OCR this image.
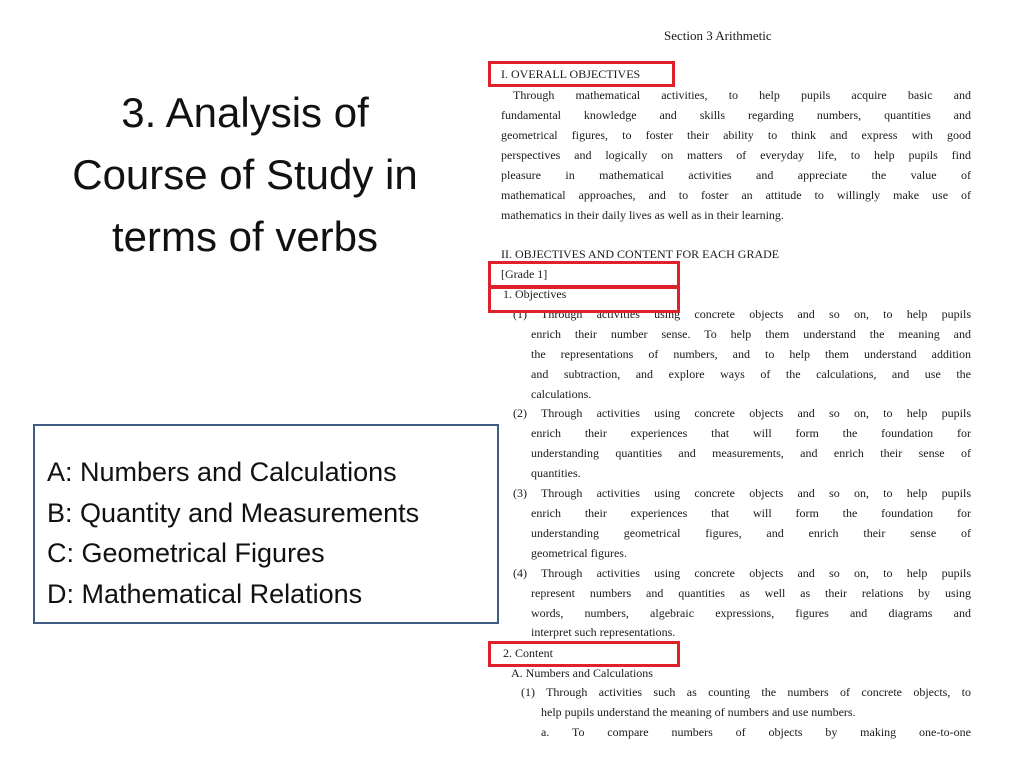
3. Analysis of
Course of Study in
terms of verbs
A: Numbers and Calculations
B: Quantity and Measurements
C: Geometrical Figures
D: Mathematical Relations
Section 3 Arithmetic
I. OVERALL OBJECTIVES
Through mathematical activities, to help pupils acquire basic and
fundamental knowledge and skills regarding numbers, quantities and
geometrical figures, to foster their ability to think and express with good
perspectives and logically on matters of everyday life, to help pupils find
pleasure in mathematical activities and appreciate the value of
mathematical approaches, and to foster an attitude to willingly make use of
mathematics in their daily lives as well as in their learning.
II. OBJECTIVES AND CONTENT FOR EACH GRADE
[Grade 1]
1. Objectives
(1) Through activities using concrete objects and so on, to help pupils
enrich their number sense. To help them understand the meaning and
the representations of numbers, and to help them understand addition
and subtraction, and explore ways of the calculations, and use the
calculations.
(2) Through activities using concrete objects and so on, to help pupils
enrich their experiences that will form the foundation for
understanding quantities and measurements, and enrich their sense of
quantities.
(3) Through activities using concrete objects and so on, to help pupils
enrich their experiences that will form the foundation for
understanding geometrical figures, and enrich their sense of
geometrical figures.
(4) Through activities using concrete objects and so on, to help pupils
represent numbers and quantities as well as their relations by using
words, numbers, algebraic expressions, figures and diagrams and
interpret such representations.
2. Content
A. Numbers and Calculations
(1) Through activities such as counting the numbers of concrete objects, to
help pupils understand the meaning of numbers and use numbers.
a. To compare numbers of objects by making one-to-one
